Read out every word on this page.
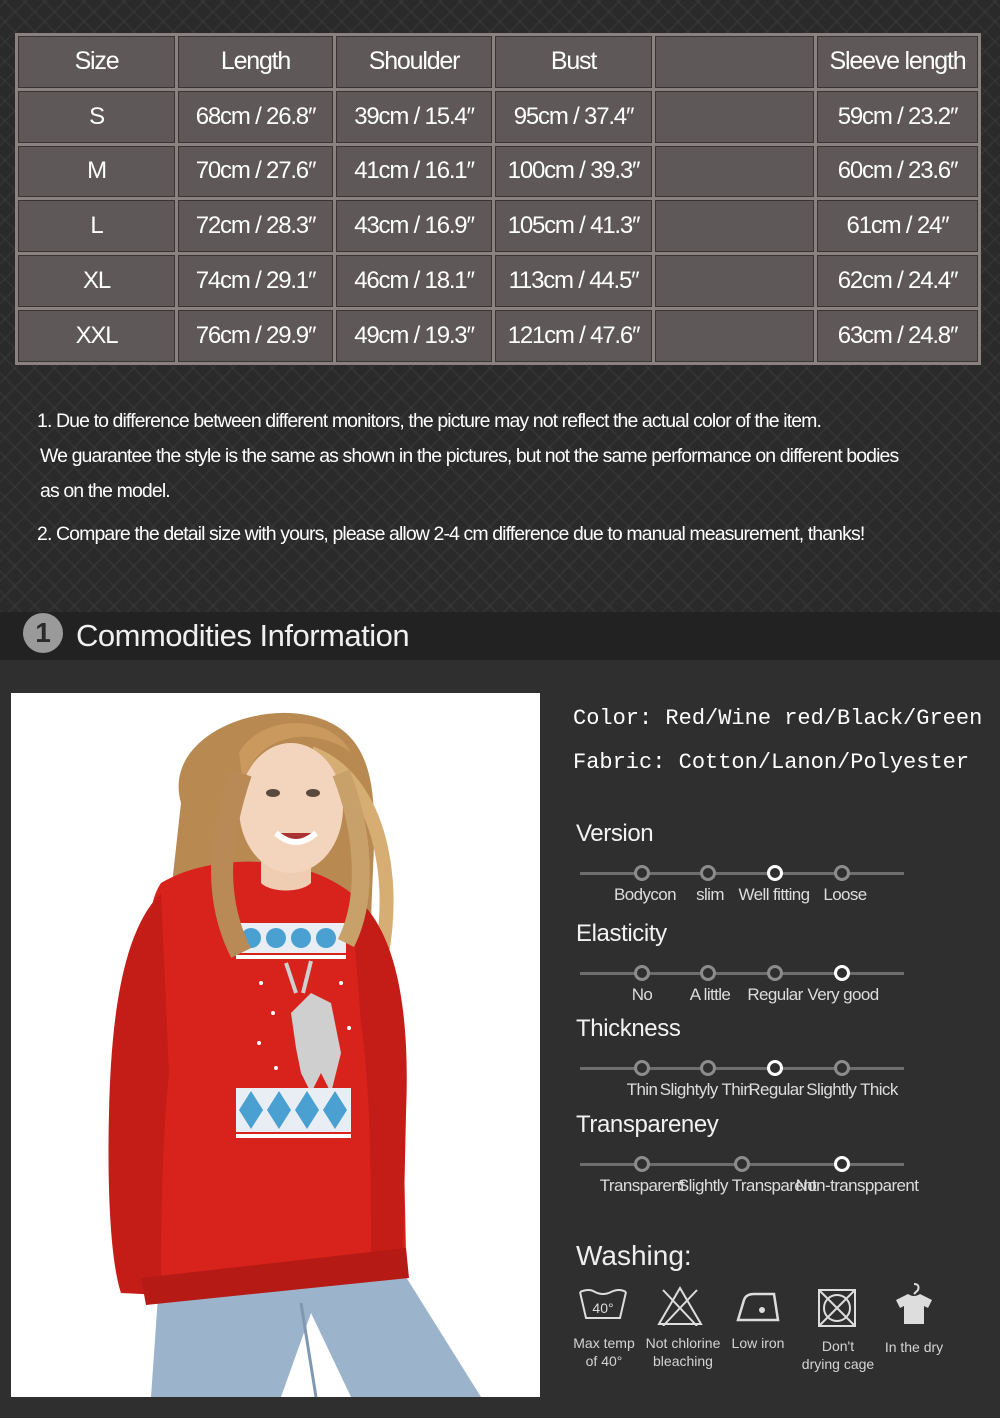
Size	Length	Shoulder	Bust		Sleeve length
S	68cm / 26.8″	39cm / 15.4″	95cm / 37.4″		59cm / 23.2″
M	70cm / 27.6″	41cm / 16.1″	100cm / 39.3″		60cm / 23.6″
L	72cm / 28.3″	43cm / 16.9″	105cm / 41.3″		61cm / 24″
XL	74cm / 29.1″	46cm / 18.1″	113cm / 44.5″		62cm / 24.4″
XXL	76cm / 29.9″	49cm / 19.3″	121cm / 47.6″		63cm / 24.8″

1. Due to difference between different monitors, the picture may not reflect the actual color of the item.

We guarantee the style is the same as shown in the pictures, but not the same performance on different bodies

as on the model.

2. Compare the detail size with yours, please allow 2-4 cm difference due to manual measurement, thanks!

1 Commodities Information
Color: Red/Wine red/Black/Green
Fabric: Cotton/Lanon/Polyester
Version
Bodycon slim Well fitting Loose
Elasticity
No A little Regular Very good
Thickness
Thin Slightyly Thin
Regular Slightly Thick
Transpareney
Transparent
Slightly Transparent
Non-transpparent
Washing:
40°
Max temp
of 40°
Not chlorine
bleaching
Low iron	Don't
drying cage
In the dry
